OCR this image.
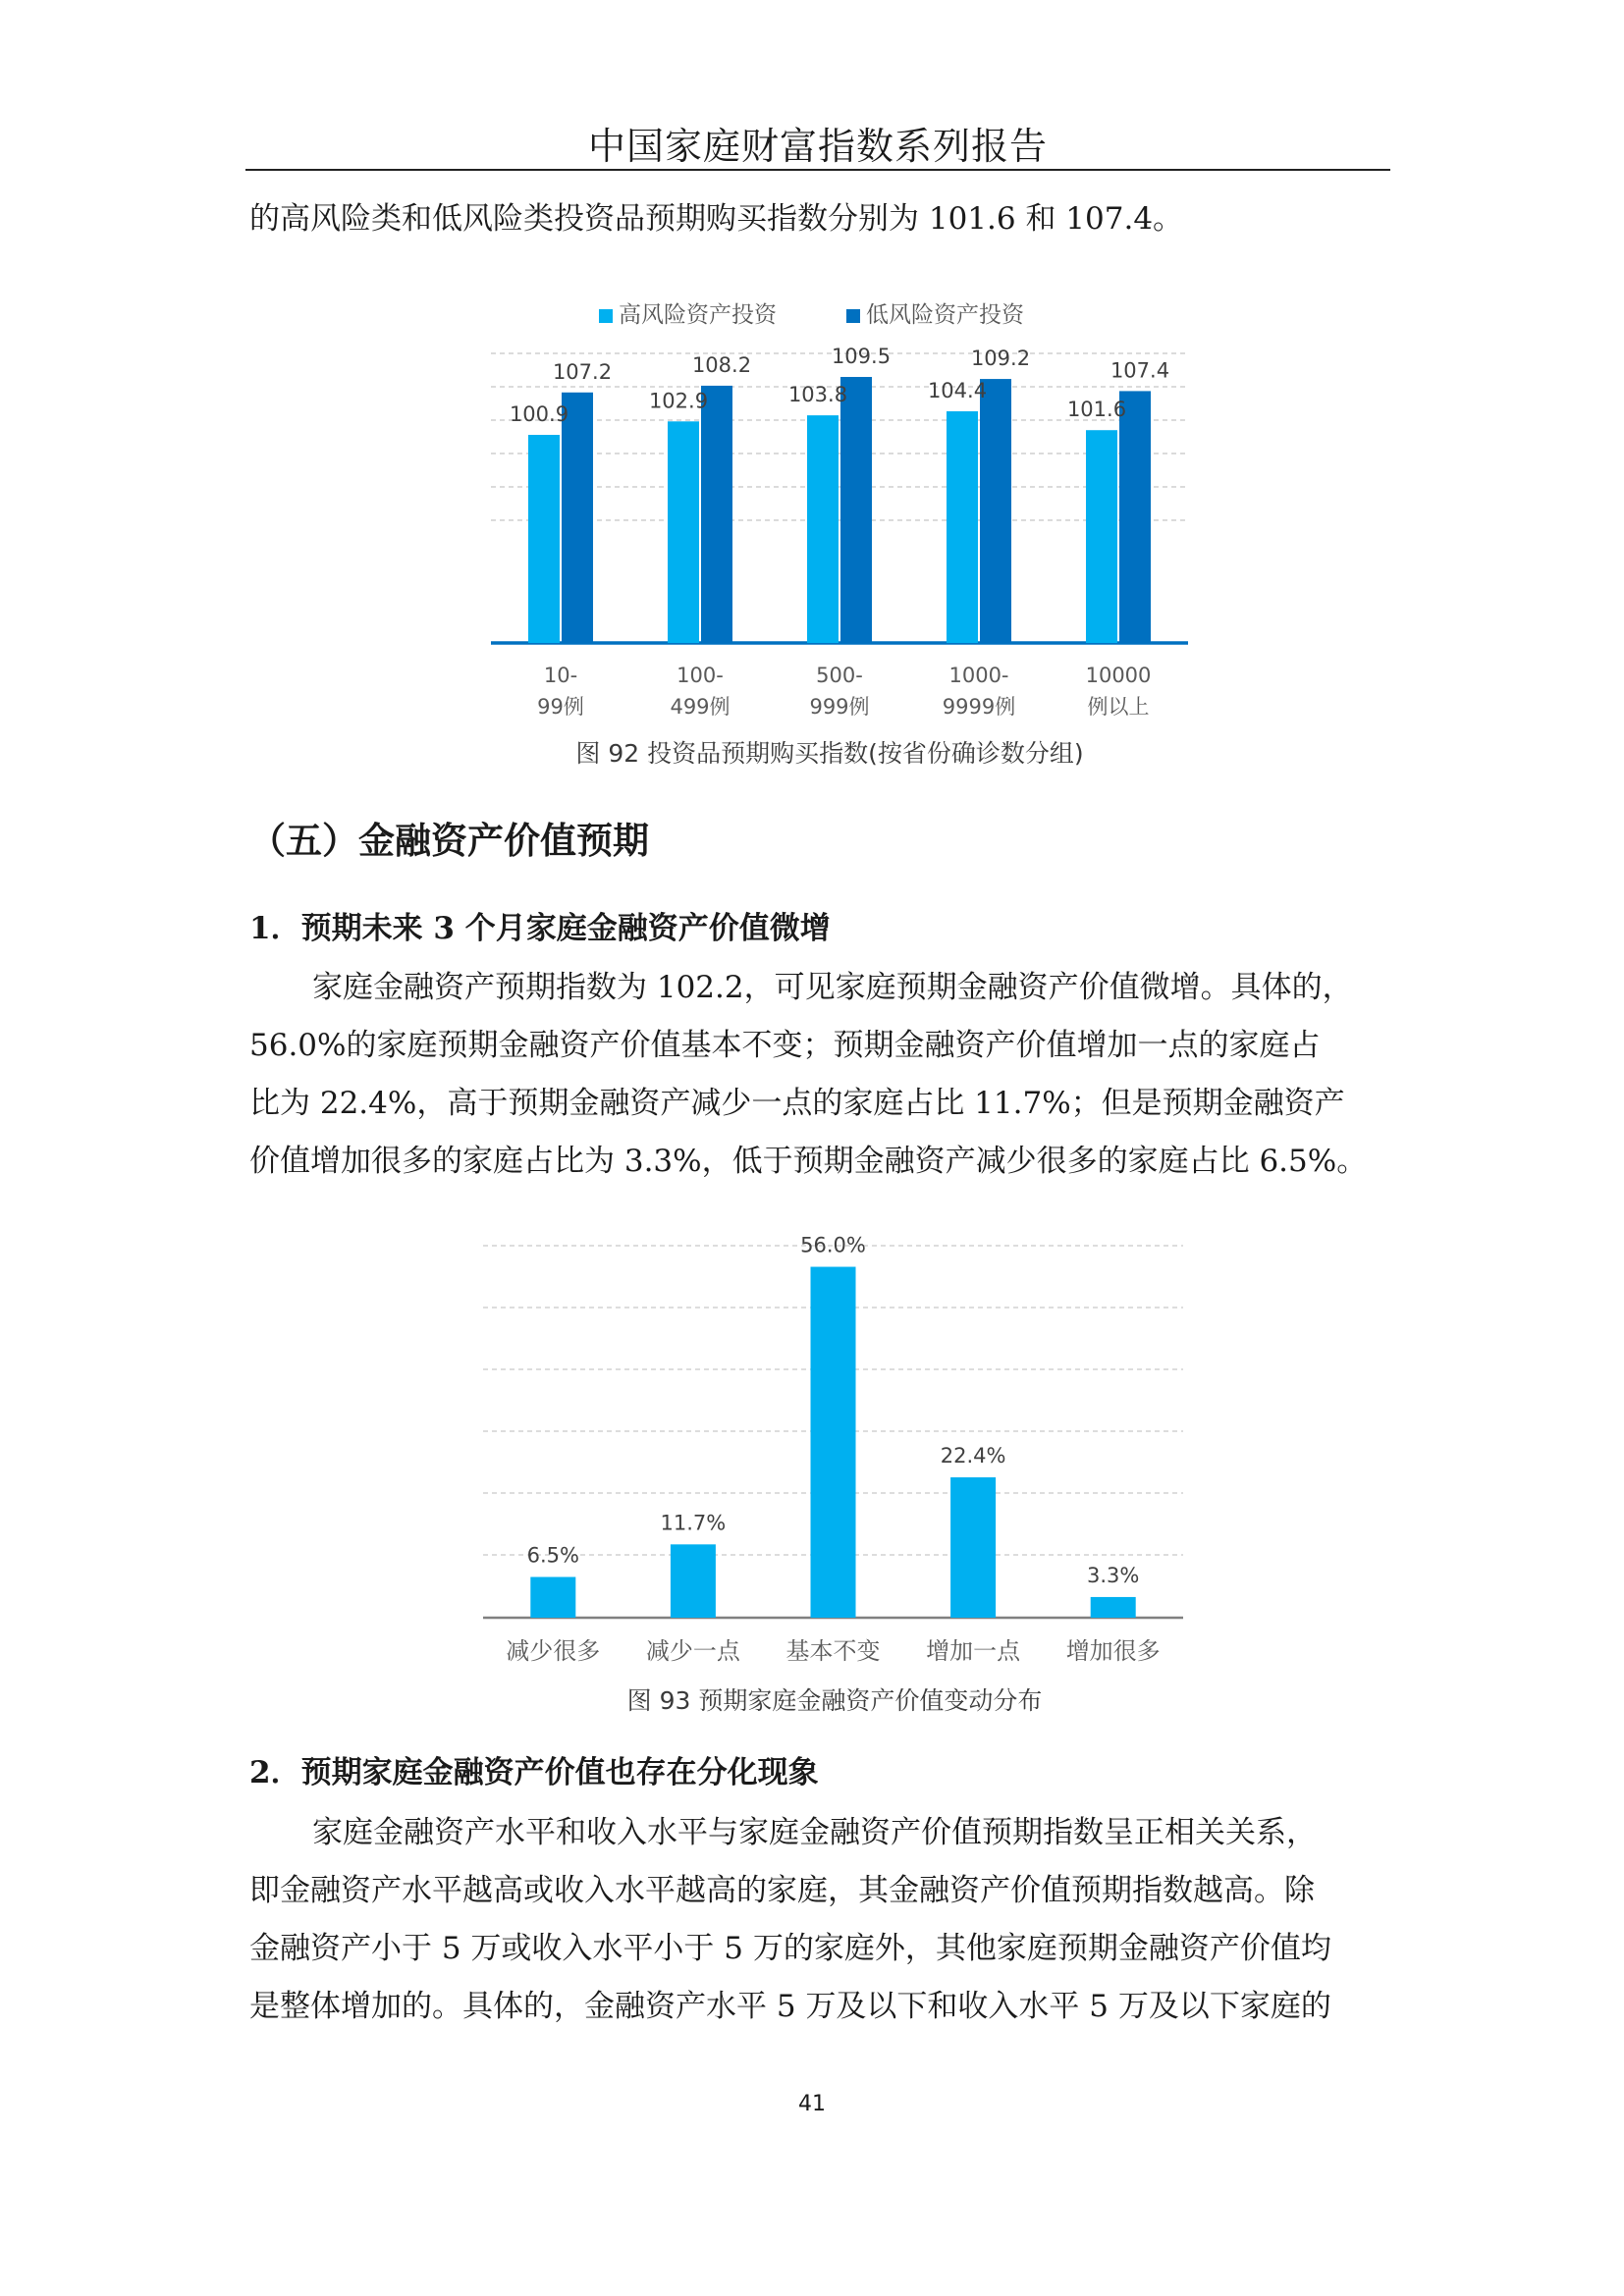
中国家庭财富指数系列报告
的高风险类和低风险类投资品预期购买指数分别为 101.6 和 107.4。
高风险资产投资	低风险资产投资
100.9
107.2
102.9
108.2
103.8
109.5
104.4
109.2
101.6
107.4
10-
99例
100-
499例
500-
999例
1000-
9999例
10000
例以上
图 92 投资品预期购买指数(按省份确诊数分组)
（五）金融资产价值预期
1．预期未来 3 个月家庭金融资产价值微增
家庭金融资产预期指数为 102.2，可见家庭预期金融资产价值微增。具体的，
56.0%的家庭预期金融资产价值基本不变；预期金融资产价值增加一点的家庭占
比为 22.4%，高于预期金融资产减少一点的家庭占比 11.7%；但是预期金融资产
价值增加很多的家庭占比为 3.3%，低于预期金融资产减少很多的家庭占比 6.5%。
6.5%
11.7%
56.0%
22.4%
3.3%
减少很多 减少一点 基本不变 增加一点 增加很多
图 93 预期家庭金融资产价值变动分布
2．预期家庭金融资产价值也存在分化现象
家庭金融资产水平和收入水平与家庭金融资产价值预期指数呈正相关关系，
即金融资产水平越高或收入水平越高的家庭，其金融资产价值预期指数越高。除
金融资产小于 5 万或收入水平小于 5 万的家庭外，其他家庭预期金融资产价值均
是整体增加的。具体的，金融资产水平 5 万及以下和收入水平 5 万及以下家庭的
41
